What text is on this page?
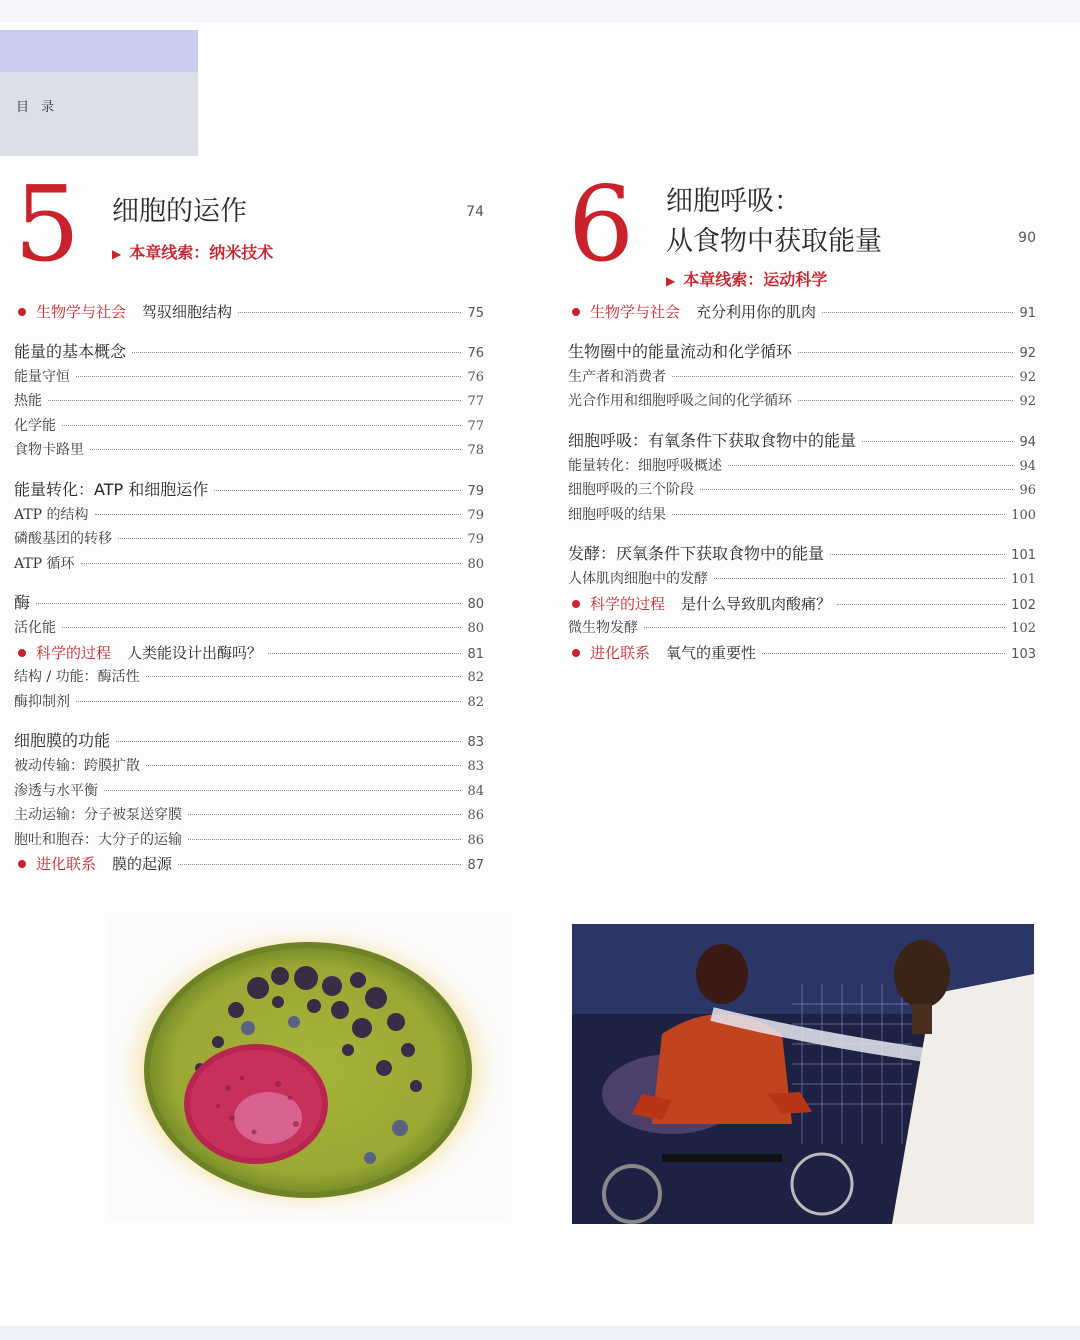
目 录
5 细胞的运作	74
▶ 本章线索：纳米技术
生物学与社会 驾驭细胞结构	75
能量的基本概念	76
能量守恒	76
热能	77
化学能	77
食物卡路里	78
能量转化：ATP 和细胞运作	79
ATP 的结构	79
磷酸基团的转移	79
ATP 循环	80
酶	80
活化能	80
科学的过程 人类能设计出酶吗？	81
结构 / 功能：酶活性	82
酶抑制剂	82
细胞膜的功能	83
被动传输：跨膜扩散	83
渗透与水平衡	84
主动运输：分子被泵送穿膜	86
胞吐和胞吞：大分子的运输	86
进化联系 膜的起源	87
6 细胞呼吸：
从食物中获取能量	90
▶ 本章线索：运动科学
生物学与社会 充分利用你的肌肉	91
生物圈中的能量流动和化学循环	92
生产者和消费者	92
光合作用和细胞呼吸之间的化学循环	92
细胞呼吸：有氧条件下获取食物中的能量	94
能量转化：细胞呼吸概述	94
细胞呼吸的三个阶段	96
细胞呼吸的结果	100
发酵：厌氧条件下获取食物中的能量	101
人体肌肉细胞中的发酵	101
科学的过程 是什么导致肌肉酸痛？	102
微生物发酵	102
进化联系 氧气的重要性	103
